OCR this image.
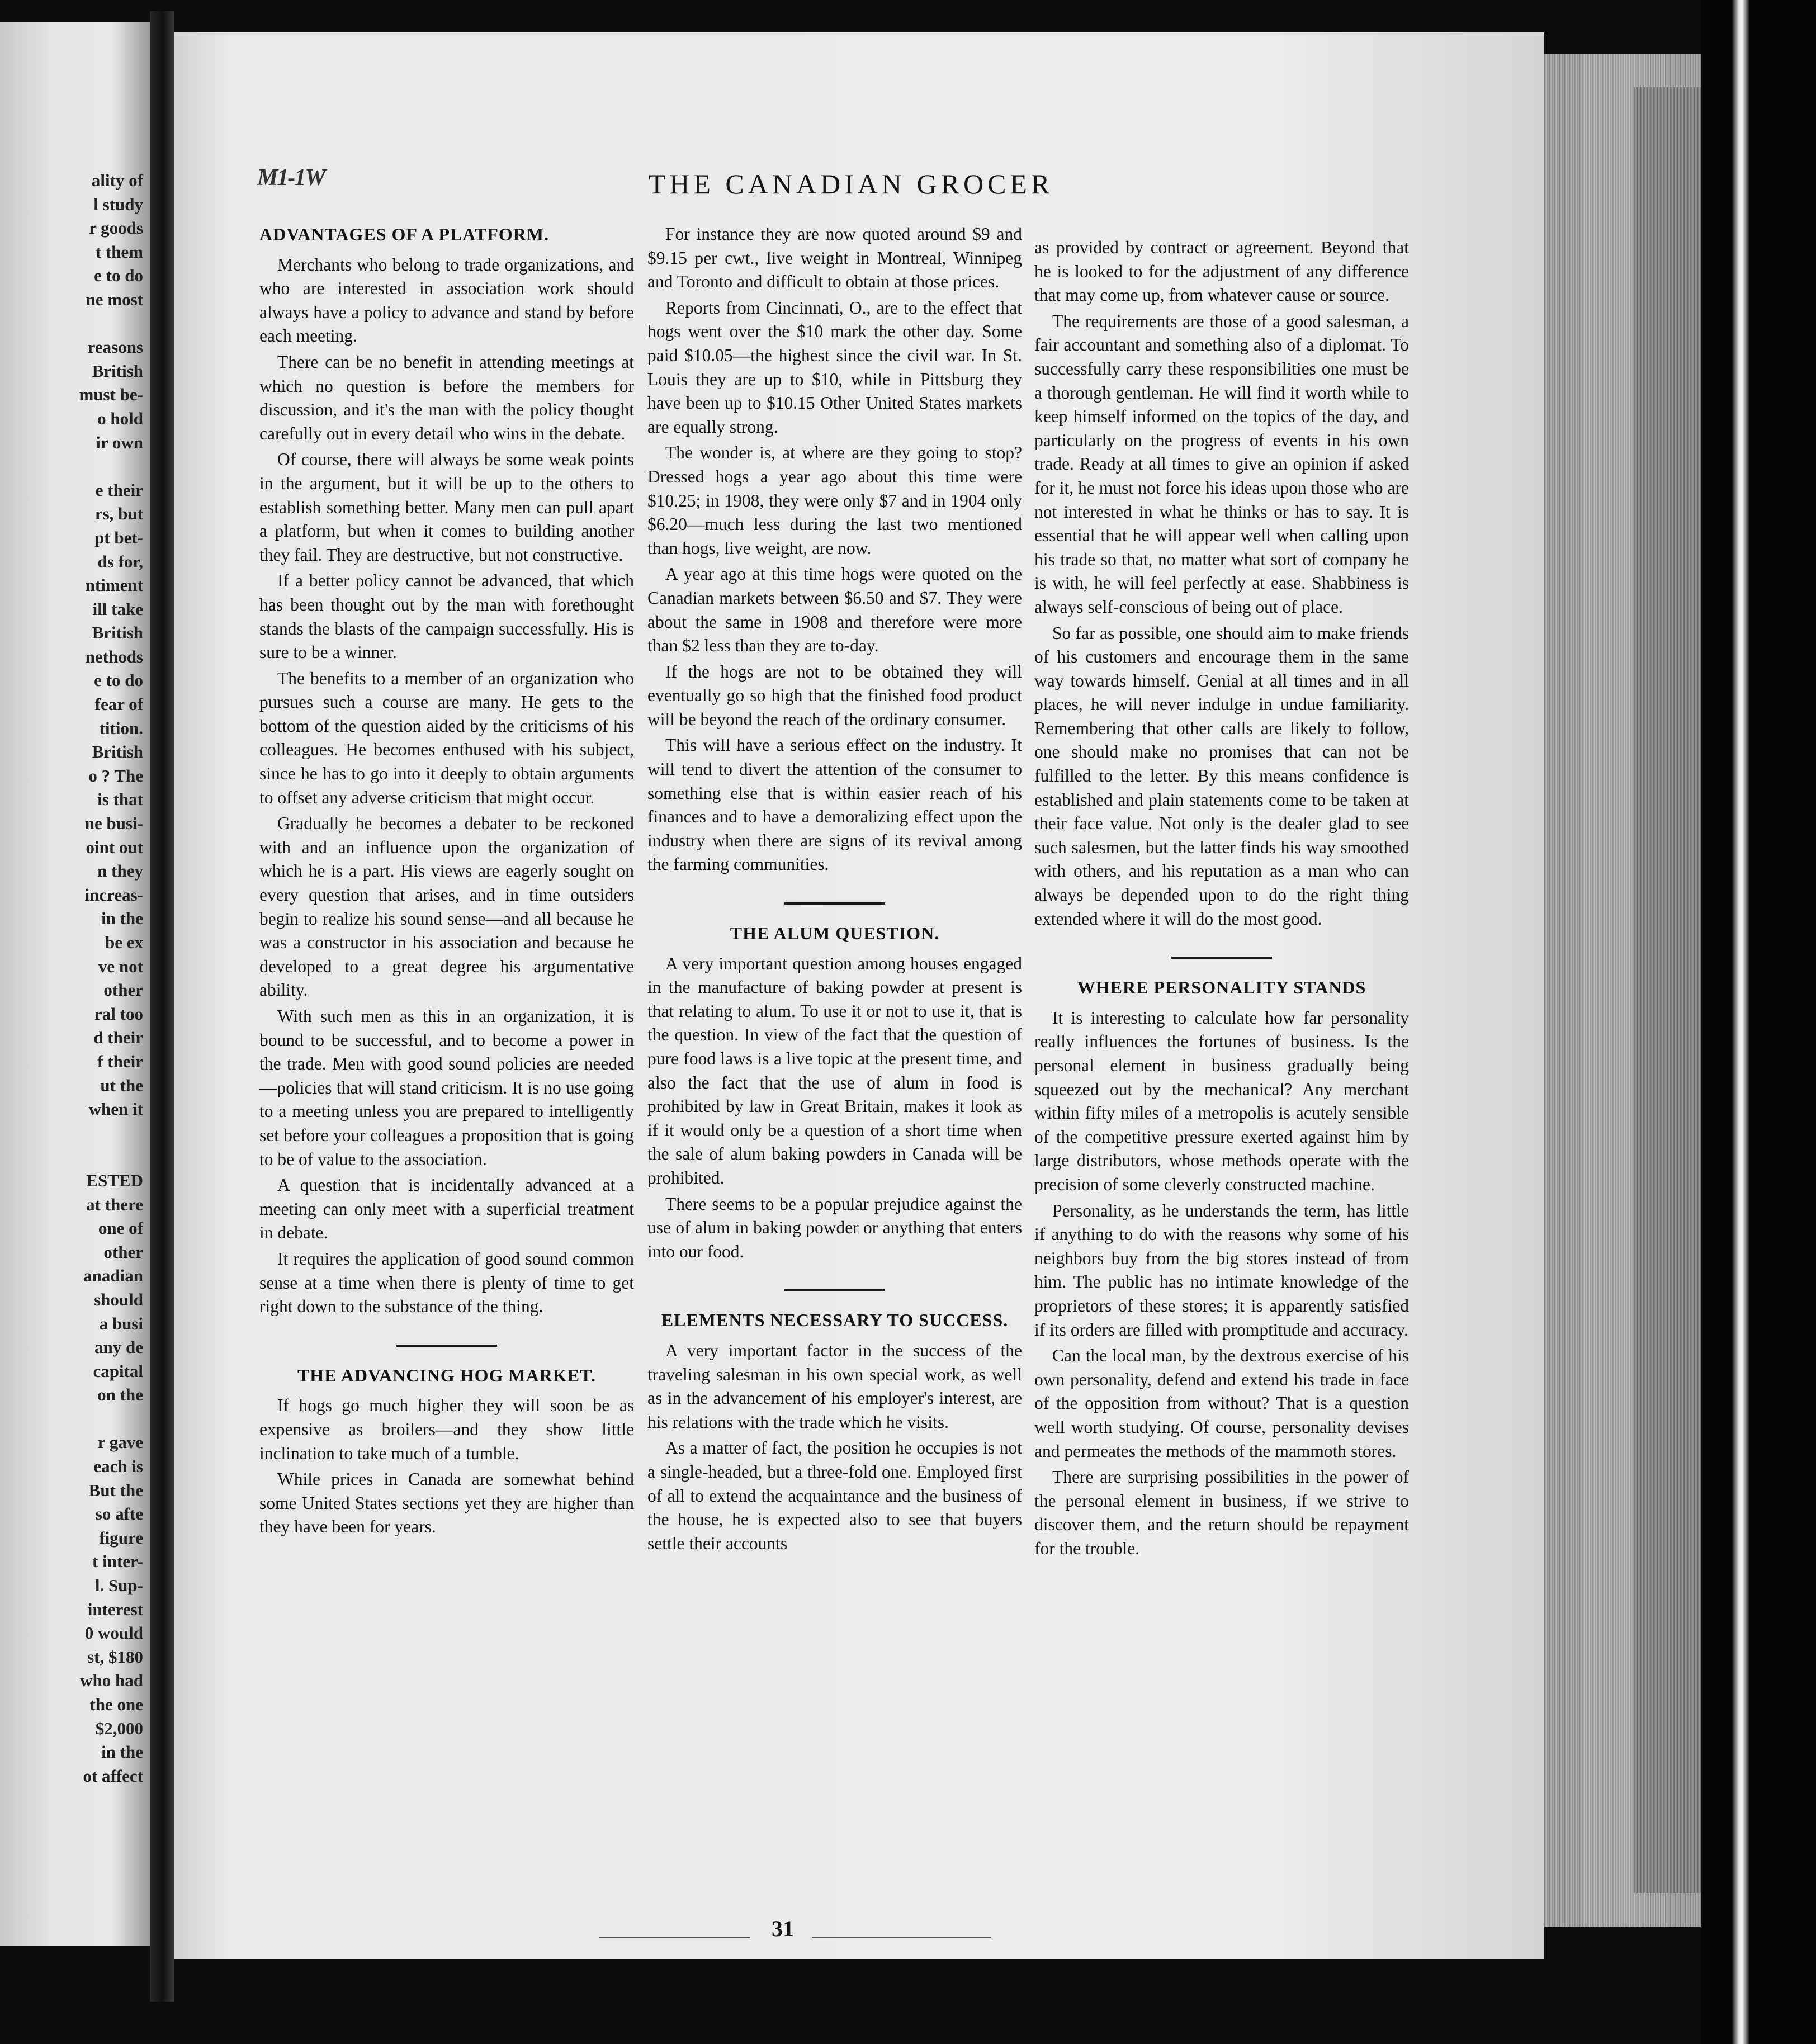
ality of
l study
r goods
t them
e to do
ne most
reasons
British
must be-
o hold
ir own
e their
rs, but
pt bet-
ds for,
ntiment
ill take
British
nethods
e to do
fear of
tition.
British
o ? The
is that
ne busi-
oint out
n they
increas-
in the
be ex
ve not
other
ral too
d their
f their
ut the
when it
ESTED
at there
one of
other
anadian
should
a busi
any de
capital
on the
r gave
each is
But the
so afte
figure
t inter-
l. Sup-
interest
0 would
st, $180
who had
the one
$2,000
in the
ot affect
M1-1W	THE CANADIAN GROCER
ADVANTAGES OF A PLATFORM.

Merchants who belong to trade organizations, and who are interested in association work should always have a policy to advance and stand by before each meeting.

There can be no benefit in attending meetings at which no question is before the members for discussion, and it's the man with the policy thought carefully out in every detail who wins in the debate.

Of course, there will always be some weak points in the argument, but it will be up to the others to establish something better. Many men can pull apart a platform, but when it comes to building another they fail. They are destructive, but not constructive.

If a better policy cannot be advanced, that which has been thought out by the man with forethought stands the blasts of the campaign successfully. His is sure to be a winner.

The benefits to a member of an organization who pursues such a course are many. He gets to the bottom of the question aided by the criticisms of his colleagues. He becomes enthused with his subject, since he has to go into it deeply to obtain arguments to offset any adverse criticism that might occur.

Gradually he becomes a debater to be reckoned with and an influence upon the organization of which he is a part. His views are eagerly sought on every question that arises, and in time outsiders begin to realize his sound sense—and all because he was a constructor in his association and because he developed to a great degree his argumentative ability.

With such men as this in an organization, it is bound to be successful, and to become a power in the trade. Men with good sound policies are needed—policies that will stand criticism. It is no use going to a meeting unless you are prepared to intelligently set before your colleagues a proposition that is going to be of value to the association.

A question that is incidentally advanced at a meeting can only meet with a superficial treatment in debate.

It requires the application of good sound common sense at a time when there is plenty of time to get right down to the substance of the thing.

THE ADVANCING HOG MARKET.

If hogs go much higher they will soon be as expensive as broilers—and they show little inclination to take much of a tumble.

While prices in Canada are somewhat behind some United States sections yet they are higher than they have been for years.

For instance they are now quoted around $9 and $9.15 per cwt., live weight in Montreal, Winnipeg and Toronto and difficult to obtain at those prices.

Reports from Cincinnati, O., are to the effect that hogs went over the $10 mark the other day. Some paid $10.05—the highest since the civil war. In St. Louis they are up to $10, while in Pittsburg they have been up to $10.15 Other United States markets are equally strong.

The wonder is, at where are they going to stop? Dressed hogs a year ago about this time were $10.25; in 1908, they were only $7 and in 1904 only $6.20—much less during the last two mentioned than hogs, live weight, are now.

A year ago at this time hogs were quoted on the Canadian markets between $6.50 and $7. They were about the same in 1908 and therefore were more than $2 less than they are to-day.

If the hogs are not to be obtained they will eventually go so high that the finished food product will be beyond the reach of the ordinary consumer.

This will have a serious effect on the industry. It will tend to divert the attention of the consumer to something else that is within easier reach of his finances and to have a demoralizing effect upon the industry when there are signs of its revival among the farming communities.

THE ALUM QUESTION.

A very important question among houses engaged in the manufacture of baking powder at present is that relating to alum. To use it or not to use it, that is the question. In view of the fact that the question of pure food laws is a live topic at the present time, and also the fact that the use of alum in food is prohibited by law in Great Britain, makes it look as if it would only be a question of a short time when the sale of alum baking powders in Canada will be prohibited.

There seems to be a popular prejudice against the use of alum in baking powder or anything that enters into our food.

ELEMENTS NECESSARY TO SUCCESS.

A very important factor in the success of the traveling salesman in his own special work, as well as in the advancement of his employer's interest, are his relations with the trade which he visits.

As a matter of fact, the position he occupies is not a single-headed, but a three-fold one. Employed first of all to extend the acquaintance and the business of the house, he is expected also to see that buyers settle their accounts

as provided by contract or agreement. Beyond that he is looked to for the adjustment of any difference that may come up, from whatever cause or source.

The requirements are those of a good salesman, a fair accountant and something also of a diplomat. To successfully carry these responsibilities one must be a thorough gentleman. He will find it worth while to keep himself informed on the topics of the day, and particularly on the progress of events in his own trade. Ready at all times to give an opinion if asked for it, he must not force his ideas upon those who are not interested in what he thinks or has to say. It is essential that he will appear well when calling upon his trade so that, no matter what sort of company he is with, he will feel perfectly at ease. Shabbiness is always self-conscious of being out of place.

So far as possible, one should aim to make friends of his customers and encourage them in the same way towards himself. Genial at all times and in all places, he will never indulge in undue familiarity. Remembering that other calls are likely to follow, one should make no promises that can not be fulfilled to the letter. By this means confidence is established and plain statements come to be taken at their face value. Not only is the dealer glad to see such salesmen, but the latter finds his way smoothed with others, and his reputation as a man who can always be depended upon to do the right thing extended where it will do the most good.

WHERE PERSONALITY STANDS

It is interesting to calculate how far personality really influences the fortunes of business. Is the personal element in business gradually being squeezed out by the mechanical? Any merchant within fifty miles of a metropolis is acutely sensible of the competitive pressure exerted against him by large distributors, whose methods operate with the precision of some cleverly constructed machine.

Personality, as he understands the term, has little if anything to do with the reasons why some of his neighbors buy from the big stores instead of from him. The public has no intimate knowledge of the proprietors of these stores; it is apparently satisfied if its orders are filled with promptitude and accuracy.

Can the local man, by the dextrous exercise of his own personality, defend and extend his trade in face of the opposition from without? That is a question well worth studying. Of course, personality devises and permeates the methods of the mammoth stores.

There are surprising possibilities in the power of the personal element in business, if we strive to discover them, and the return should be repayment for the trouble.

31
